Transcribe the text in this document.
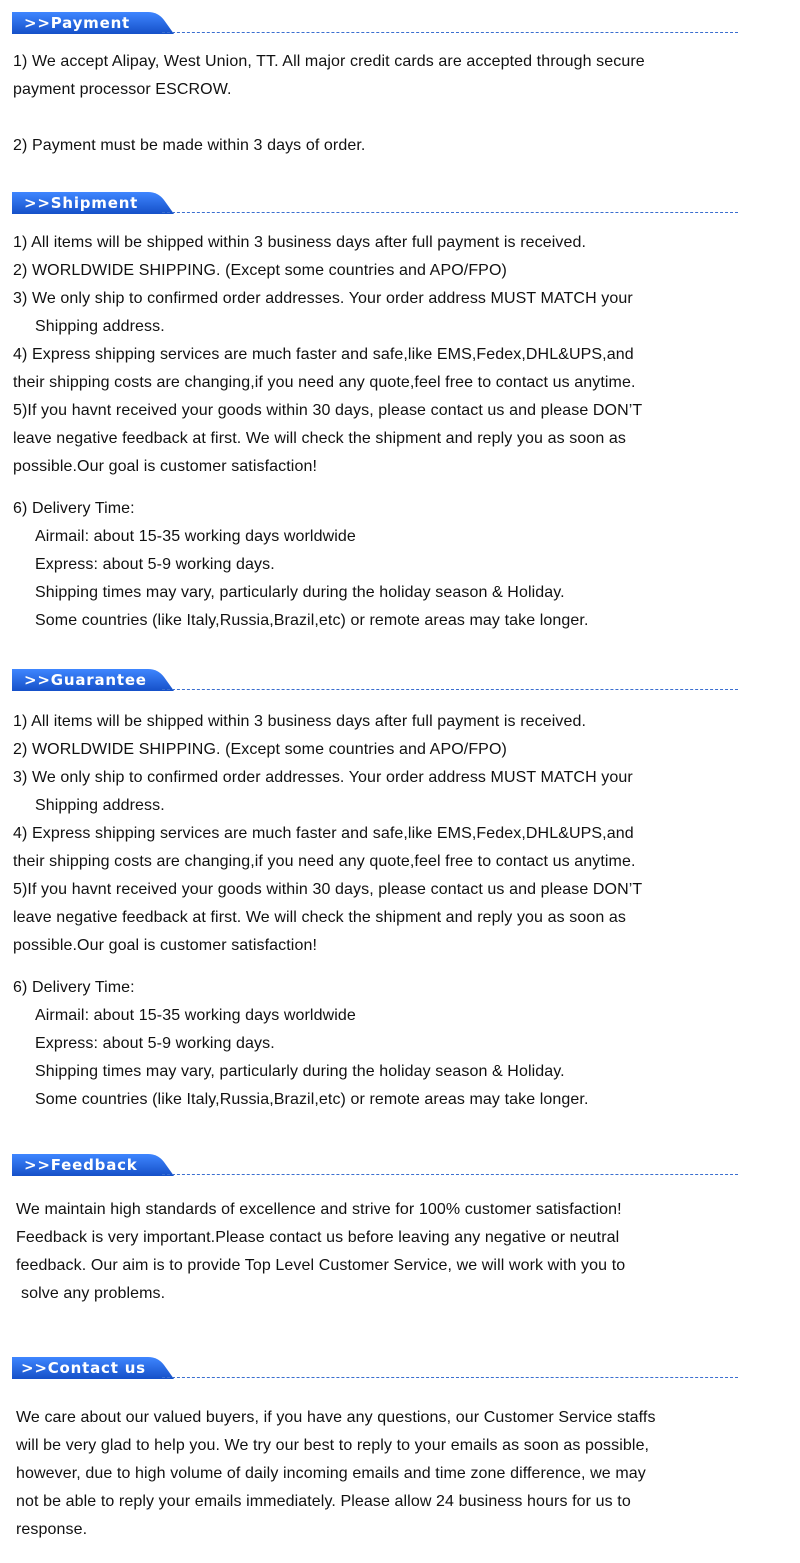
>>Payment
1) We accept Alipay, West Union, TT. All major credit cards are accepted through secure
payment processor ESCROW.
2) Payment must be made within 3 days of order.
>>Shipment
1) All items will be shipped within 3 business days after full payment is received.
2) WORLDWIDE SHIPPING. (Except some countries and APO/FPO)
3) We only ship to confirmed order addresses. Your order address MUST MATCH your
Shipping address.
4) Express shipping services are much faster and safe,like EMS,Fedex,DHL&UPS,and
their shipping costs are changing,if you need any quote,feel free to contact us anytime.
5)If you havnt received your goods within 30 days, please contact us and please DON’T
leave negative feedback at first. We will check the shipment and reply you as soon as
possible.Our goal is customer satisfaction!
6) Delivery Time:
Airmail: about 15-35 working days worldwide
Express: about 5-9 working days.
Shipping times may vary, particularly during the holiday season & Holiday.
Some countries (like Italy,Russia,Brazil,etc) or remote areas may take longer.
>>Guarantee
1) All items will be shipped within 3 business days after full payment is received.
2) WORLDWIDE SHIPPING. (Except some countries and APO/FPO)
3) We only ship to confirmed order addresses. Your order address MUST MATCH your
Shipping address.
4) Express shipping services are much faster and safe,like EMS,Fedex,DHL&UPS,and
their shipping costs are changing,if you need any quote,feel free to contact us anytime.
5)If you havnt received your goods within 30 days, please contact us and please DON’T
leave negative feedback at first. We will check the shipment and reply you as soon as
possible.Our goal is customer satisfaction!
6) Delivery Time:
Airmail: about 15-35 working days worldwide
Express: about 5-9 working days.
Shipping times may vary, particularly during the holiday season & Holiday.
Some countries (like Italy,Russia,Brazil,etc) or remote areas may take longer.
>>Feedback
We maintain high standards of excellence and strive for 100% customer satisfaction!
Feedback is very important.Please contact us before leaving any negative or neutral
feedback. Our aim is to provide Top Level Customer Service, we will work with you to
solve any problems.
>>Contact us
We care about our valued buyers, if you have any questions, our Customer Service staffs
will be very glad to help you. We try our best to reply to your emails as soon as possible,
however, due to high volume of daily incoming emails and time zone difference, we may
not be able to reply your emails immediately. Please allow 24 business hours for us to
response.
